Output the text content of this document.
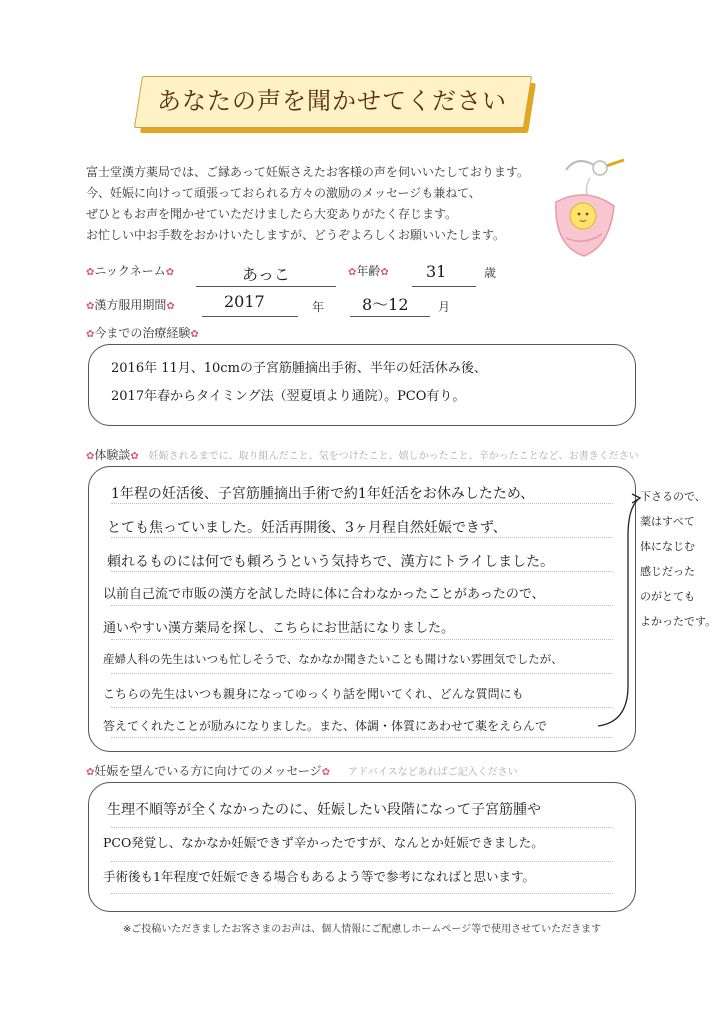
あなたの声を聞かせてください

富士堂漢方薬局では、ご縁あって妊娠さえたお客様の声を伺いいたしております。

今、妊娠に向けって頑張っておられる方々の激励のメッセージも兼ねて、

ぜひともお声を聞かせていただけましたら大変ありがたく存じます。

お忙しい中お手数をおかけいたしますが、どうぞよろしくお願いいたします。

✿ニックネーム✿	あっこ	✿年齢✿ 31	歳
✿漢方服用期間✿	2017	年 8〜12 月
✿今までの治療経験✿
2016年 11月、10cmの子宮筋腫摘出手術、半年の妊活休み後、
2017年春からタイミング法（翌夏頃より通院）。PCO有り。
✿体験談✿ 妊娠されるまでに、取り組んだこと、気をつけたこと、嬉しかったこと、辛かったことなど、お書きください
1年程の妊活後、子宮筋腫摘出手術で約1年妊活をお休みしたため、
とても焦っていました。妊活再開後、3ヶ月程自然妊娠できず、
頼れるものには何でも頼ろうという気持ちで、漢方にトライしました。
以前自己流で市販の漢方を試した時に体に合わなかったことがあったので、
通いやすい漢方薬局を探し、こちらにお世話になりました。
産婦人科の先生はいつも忙しそうで、なかなか聞きたいことも聞けない雰囲気でしたが、
こちらの先生はいつも親身になってゆっくり話を聞いてくれ、どんな質問にも
答えてくれたことが励みになりました。また、体調・体質にあわせて薬をえらんで
下さるので、
薬はすべて
体になじむ
感じだった
のがとても
よかったです。
✿妊娠を望んでいる方に向けてのメッセージ✿ アドバイスなどあればご記入ください
生理不順等が全くなかったのに、妊娠したい段階になって子宮筋腫や
PCO発覚し、なかなか妊娠できず辛かったですが、なんとか妊娠できました。
手術後も1年程度で妊娠できる場合もあるよう等で参考になればと思います。
※ご投稿いただきましたお客さまのお声は、個人情報にご配慮しホームページ等で使用させていただきます
